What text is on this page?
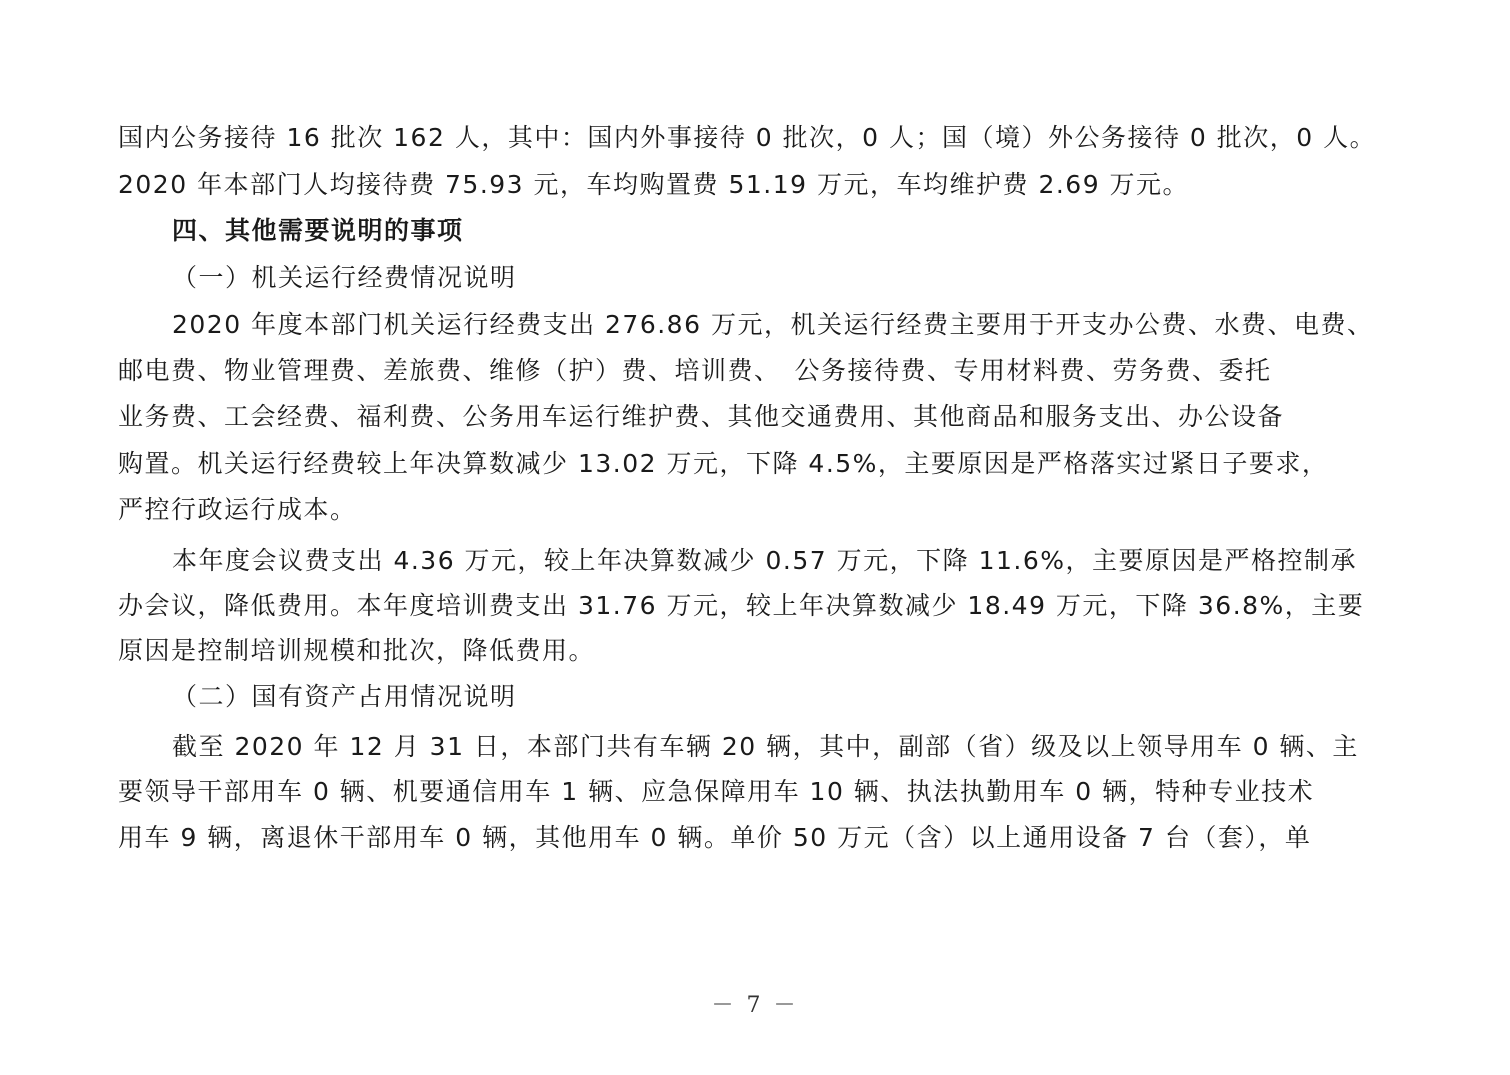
国内公务接待 16 批次 162 人，其中：国内外事接待 0 批次，0 人；国（境）外公务接待 0 批次，0 人。
2020 年本部门人均接待费 75.93 元，车均购置费 51.19 万元，车均维护费 2.69 万元。
四、其他需要说明的事项
（一）机关运行经费情况说明
2020 年度本部门机关运行经费支出 276.86 万元，机关运行经费主要用于开支办公费、水费、电费、
邮电费、物业管理费、差旅费、维修（护）费、培训费、　公务接待费、专用材料费、劳务费、委托
业务费、工会经费、福利费、公务用车运行维护费、其他交通费用、其他商品和服务支出、办公设备
购置。机关运行经费较上年决算数减少 13.02 万元，下降 4.5%，主要原因是严格落实过紧日子要求，
严控行政运行成本。
本年度会议费支出 4.36 万元，较上年决算数减少 0.57 万元，下降 11.6%，主要原因是严格控制承
办会议，降低费用。本年度培训费支出 31.76 万元，较上年决算数减少 18.49 万元，下降 36.8%，主要
原因是控制培训规模和批次，降低费用。
（二）国有资产占用情况说明
截至 2020 年 12 月 31 日，本部门共有车辆 20 辆，其中，副部（省）级及以上领导用车 0 辆、主
要领导干部用车 0 辆、机要通信用车 1 辆、应急保障用车 10 辆、执法执勤用车 0 辆，特种专业技术
用车 9 辆，离退休干部用车 0 辆，其他用车 0 辆。单价 50 万元（含）以上通用设备 7 台（套），单
－ 7 －
